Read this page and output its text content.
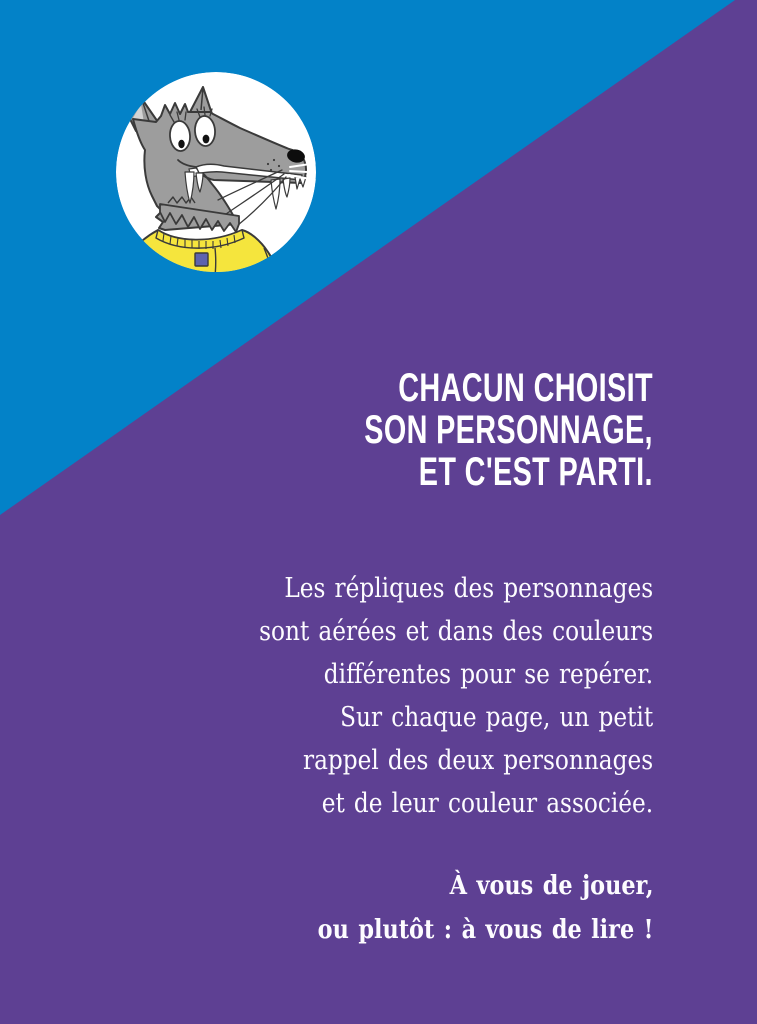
CHACUN CHOISIT
SON PERSONNAGE,
ET C'EST PARTI.

Les répliques des personnages
sont aérées et dans des couleurs
différentes pour se repérer.
Sur chaque page, un petit
rappel des deux personnages
et de leur couleur associée.

À vous de jouer,
ou plutôt : à vous de lire !
